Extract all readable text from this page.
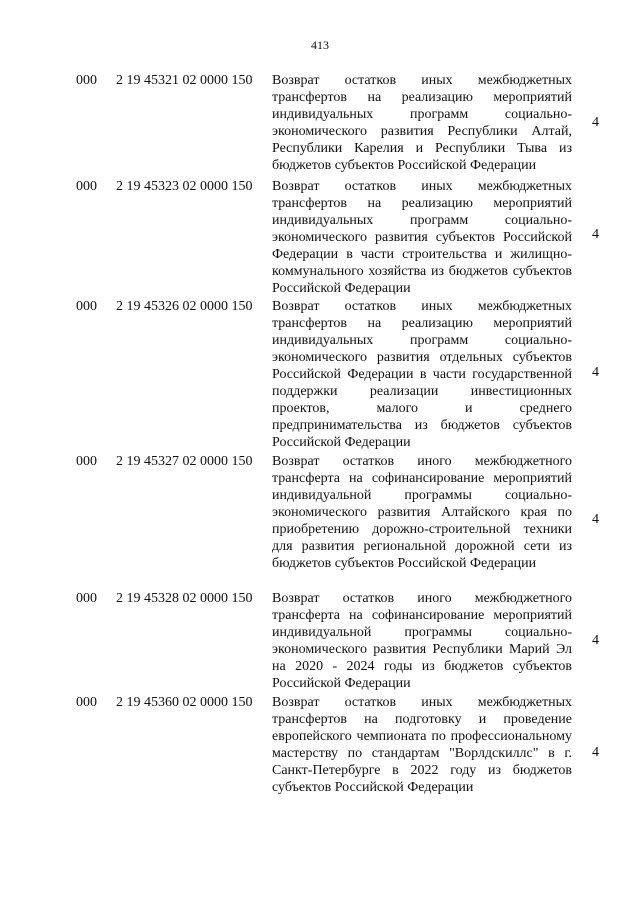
413
000 2 19 45321 02 0000 150 Возврат остатков иных межбюджетных трансфертов на реализацию мероприятий индивидуальных программ социально-экономического развития Республики Алтай, Республики Карелия и Республики Тыва из бюджетов субъектов Российской Федерации
4
000 2 19 45323 02 0000 150 Возврат остатков иных межбюджетных трансфертов на реализацию мероприятий индивидуальных программ социально-экономического развития субъектов Российской Федерации в части строительства и жилищно-коммунального хозяйства из бюджетов субъектов Российской Федерации
4
000 2 19 45326 02 0000 150 Возврат остатков иных межбюджетных трансфертов на реализацию мероприятий индивидуальных программ социально-экономического развития отдельных субъектов Российской Федерации в части государственной поддержки реализации инвестиционных проектов, малого и среднего предпринимательства из бюджетов субъектов Российской Федерации
4
000 2 19 45327 02 0000 150 Возврат остатков иного межбюджетного трансферта на софинансирование мероприятий индивидуальной программы социально-экономического развития Алтайского края по приобретению дорожно-строительной техники для развития региональной дорожной сети из бюджетов субъектов Российской Федерации
4
000 2 19 45328 02 0000 150 Возврат остатков иного межбюджетного трансферта на софинансирование мероприятий индивидуальной программы социально-экономического развития Республики Марий Эл на 2020 - 2024 годы из бюджетов субъектов Российской Федерации
4
000 2 19 45360 02 0000 150 Возврат остатков иных межбюджетных трансфертов на подготовку и проведение европейского чемпионата по профессиональному мастерству по стандартам "Ворлдскиллс" в г. Санкт-Петербурге в 2022 году из бюджетов субъектов Российской Федерации
4
